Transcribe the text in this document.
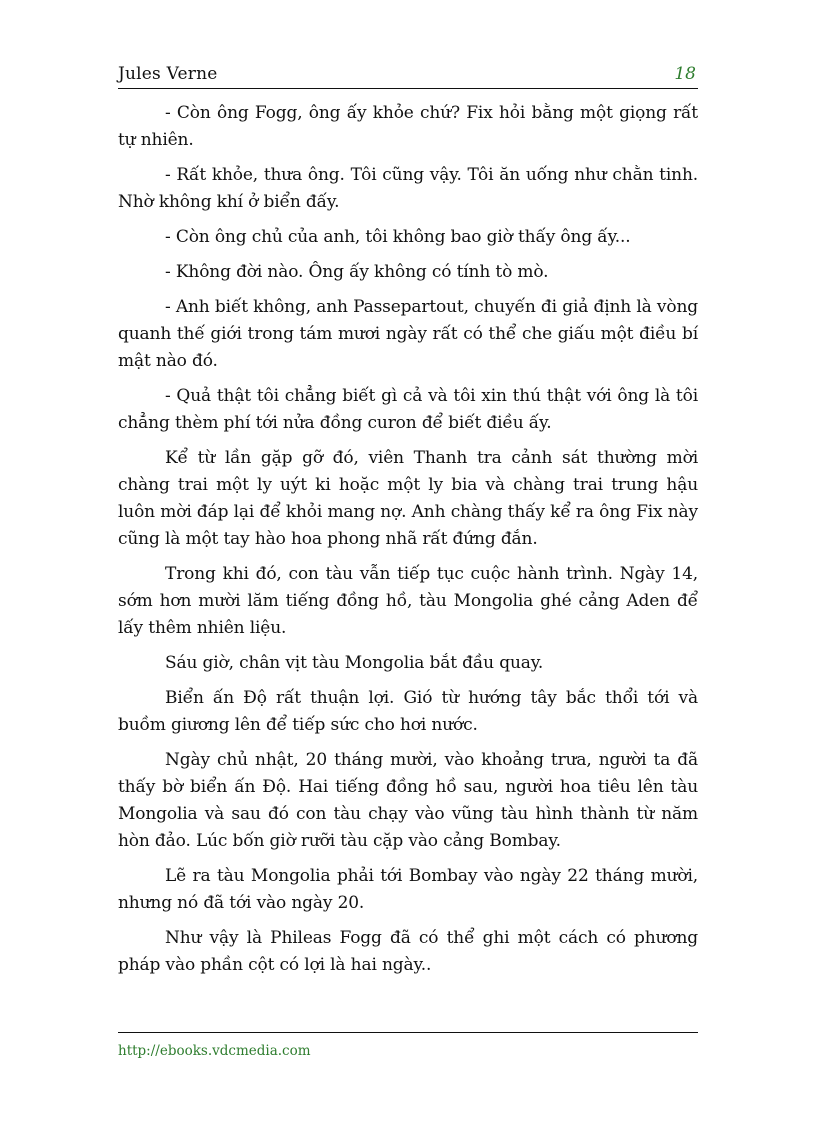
Jules Verne	18

- Còn ông Fogg, ông ấy khỏe chứ? Fix hỏi bằng một giọng rất tự nhiên.

- Rất khỏe, thưa ông. Tôi cũng vậy. Tôi ăn uống như chằn tinh. Nhờ không khí ở biển đấy.

- Còn ông chủ của anh, tôi không bao giờ thấy ông ấy...

- Không đời nào. Ông ấy không có tính tò mò.

- Anh biết không, anh Passepartout, chuyến đi giả định là vòng quanh thế giới trong tám mươi ngày rất có thể che giấu một điều bí mật nào đó.

- Quả thật tôi chẳng biết gì cả và tôi xin thú thật với ông là tôi chẳng thèm phí tới nửa đồng curon để biết điều ấy.

Kể từ lần gặp gỡ đó, viên Thanh tra cảnh sát thường mời chàng trai một ly uýt ki hoặc một ly bia và chàng trai trung hậu luôn mời đáp lại để khỏi mang nợ. Anh chàng thấy kể ra ông Fix này cũng là một tay hào hoa phong nhã rất đứng đắn.

Trong khi đó, con tàu vẫn tiếp tục cuộc hành trình. Ngày 14, sớm hơn mười lăm tiếng đồng hồ, tàu Mongolia ghé cảng Aden để lấy thêm nhiên liệu.

Sáu giờ, chân vịt tàu Mongolia bắt đầu quay.

Biển ấn Độ rất thuận lợi. Gió từ hướng tây bắc thổi tới và buồm giương lên để tiếp sức cho hơi nước.

Ngày chủ nhật, 20 tháng mười, vào khoảng trưa, người ta đã thấy bờ biển ấn Độ. Hai tiếng đồng hồ sau, người hoa tiêu lên tàu Mongolia và sau đó con tàu chạy vào vũng tàu hình thành từ năm hòn đảo. Lúc bốn giờ rưỡi tàu cặp vào cảng Bombay.

Lẽ ra tàu Mongolia phải tới Bombay vào ngày 22 tháng mười, nhưng nó đã tới vào ngày 20.

Như vậy là Phileas Fogg đã có thể ghi một cách có phương pháp vào phần cột có lợi là hai ngày..

http://ebooks.vdcmedia.com
